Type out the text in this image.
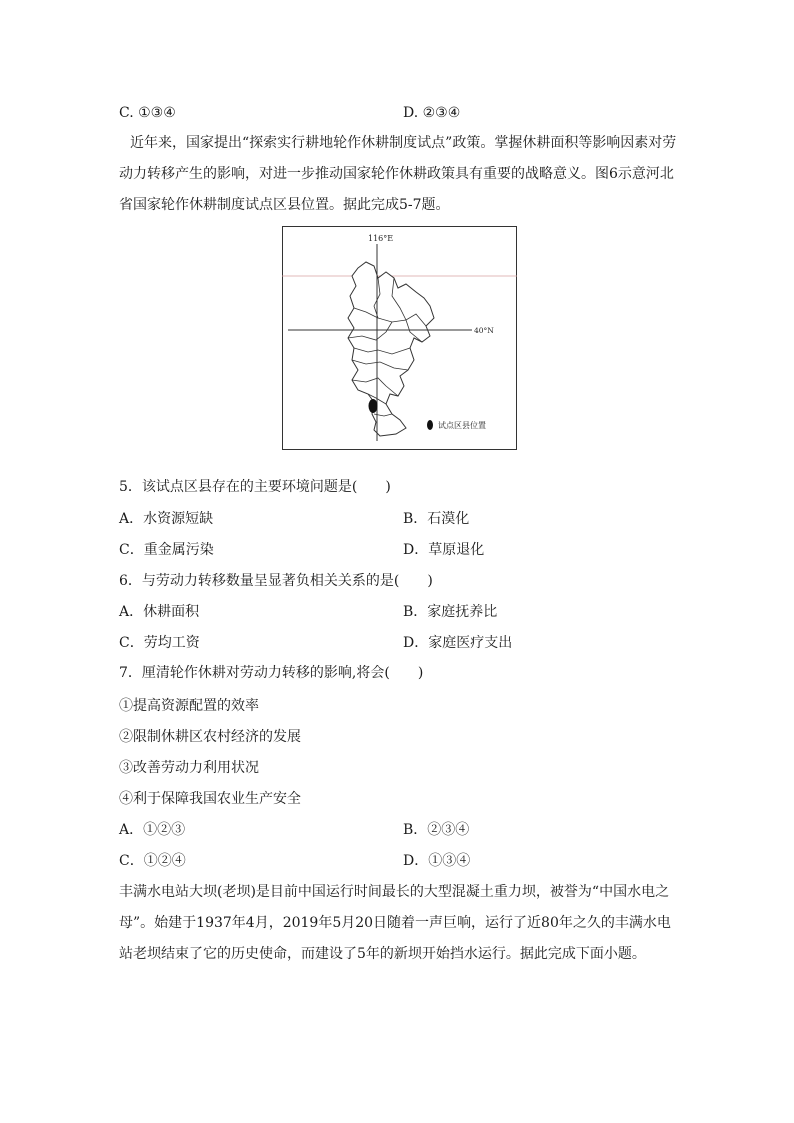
C. ①③④	D. ②③④
近年来，国家提出“探索实行耕地轮作休耕制度试点”政策。掌握休耕面积等影响因素对劳动力转移产生的影响，对进一步推动国家轮作休耕政策具有重要的战略意义。图6示意河北省国家轮作休耕制度试点区县位置。据此完成5-7题。
116°E
40°N
试点区县位置
5．该试点区县存在的主要环境问题是(　　)
A．水资源短缺	B．石漠化
C．重金属污染	D．草原退化
6．与劳动力转移数量呈显著负相关关系的是(　　)
A．休耕面积	B．家庭抚养比
C．劳均工资	D．家庭医疗支出
7．厘清轮作休耕对劳动力转移的影响,将会(　　)
①提高资源配置的效率
②限制休耕区农村经济的发展
③改善劳动力利用状况
④利于保障我国农业生产安全
A．①②③	B．②③④
C．①②④	D．①③④
丰满水电站大坝(老坝)是目前中国运行时间最长的大型混凝土重力坝，被誉为“中国水电之母”。始建于1937年4月，2019年5月20日随着一声巨响，运行了近80年之久的丰满水电站老坝结束了它的历史使命，而建设了5年的新坝开始挡水运行。据此完成下面小题。
